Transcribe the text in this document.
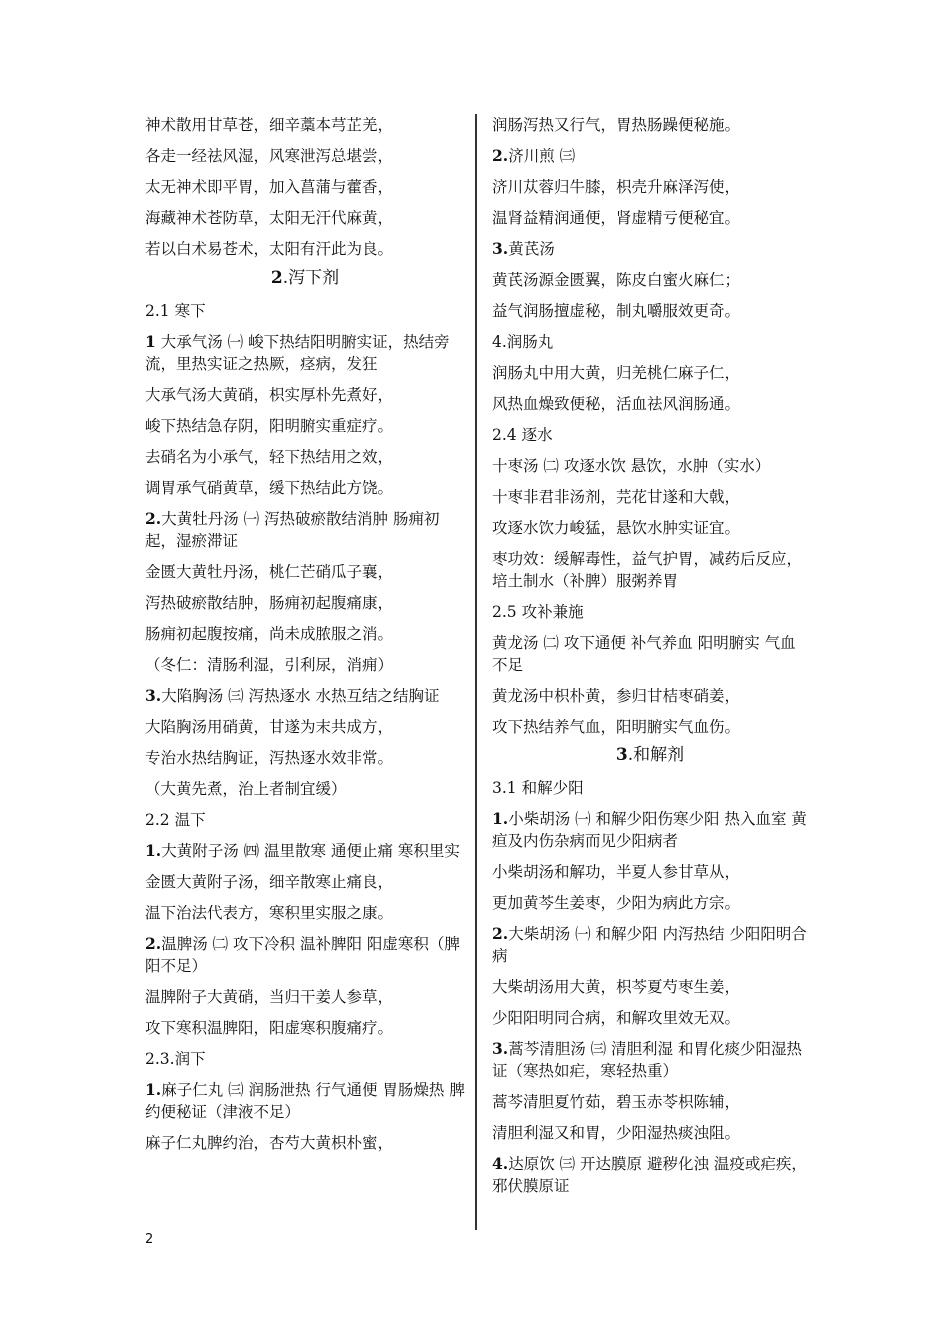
神术散用甘草苍，细辛藁本芎芷羌，

各走一经祛风湿，风寒泄泻总堪尝，

太无神术即平胃，加入菖蒲与藿香，

海藏神术苍防草，太阳无汗代麻黄，

若以白术易苍术，太阳有汗此为良。

2.泻下剂

2.1 寒下

1 大承气汤 ㈠ 峻下热结阳明腑实证，热结旁流，里热实证之热厥，痉病，发狂

大承气汤大黄硝，枳实厚朴先煮好，

峻下热结急存阴，阳明腑实重症疗。

去硝名为小承气，轻下热结用之效，

调胃承气硝黄草，缓下热结此方饶。

2.大黄牡丹汤 ㈠ 泻热破瘀散结消肿 肠痈初起，湿瘀滞证

金匮大黄牡丹汤，桃仁芒硝瓜子襄，

泻热破瘀散结肿，肠痈初起腹痛康，

肠痈初起腹按痛，尚未成脓服之消。

（冬仁：清肠利湿，引利尿，消痈）

3.大陷胸汤 ㈢ 泻热逐水 水热互结之结胸证

大陷胸汤用硝黄，甘遂为末共成方，

专治水热结胸证，泻热逐水效非常。

（大黄先煮，治上者制宜缓）

2.2 温下

1.大黄附子汤 ㈣ 温里散寒 通便止痛 寒积里实

金匮大黄附子汤，细辛散寒止痛良，

温下治法代表方，寒积里实服之康。

2.温脾汤 ㈡ 攻下冷积 温补脾阳 阳虚寒积（脾阳不足）

温脾附子大黄硝，当归干姜人参草，

攻下寒积温脾阳，阳虚寒积腹痛疗。

2.3.润下

1.麻子仁丸 ㈢ 润肠泄热 行气通便 胃肠燥热 脾约便秘证（津液不足）

麻子仁丸脾约治，杏芍大黄枳朴蜜，

润肠泻热又行气，胃热肠躁便秘施。

2.济川煎 ㈢

济川苁蓉归牛膝，枳壳升麻泽泻使，

温肾益精润通便，肾虚精亏便秘宜。

3.黄芪汤

黄芪汤源金匮翼，陈皮白蜜火麻仁；

益气润肠擅虚秘，制丸嚼服效更奇。

4.润肠丸

润肠丸中用大黄，归羌桃仁麻子仁，

风热血燥致便秘，活血祛风润肠通。

2.4 逐水

十枣汤 ㈡ 攻逐水饮 悬饮，水肿（实水）

十枣非君非汤剂，芫花甘遂和大戟，

攻逐水饮力峻猛，悬饮水肿实证宜。

枣功效：缓解毒性，益气护胃，减药后反应，培土制水（补脾）服粥养胃

2.5 攻补兼施

黄龙汤 ㈡ 攻下通便 补气养血 阳明腑实 气血不足

黄龙汤中枳朴黄，参归甘桔枣硝姜，

攻下热结养气血，阳明腑实气血伤。

3.和解剂

3.1 和解少阳

1.小柴胡汤 ㈠ 和解少阳伤寒少阳 热入血室 黄疸及内伤杂病而见少阳病者

小柴胡汤和解功，半夏人参甘草从，

更加黄芩生姜枣，少阳为病此方宗。

2.大柴胡汤 ㈠ 和解少阳 内泻热结 少阳阳明合病

大柴胡汤用大黄，枳芩夏芍枣生姜，

少阳阳明同合病，和解攻里效无双。

3.蒿芩清胆汤 ㈢ 清胆利湿 和胃化痰少阳湿热证（寒热如疟，寒轻热重）

蒿芩清胆夏竹茹，碧玉赤苓枳陈辅，

清胆利湿又和胃，少阳湿热痰浊阻。

4.达原饮 ㈢ 开达膜原 避秽化浊 温疫或疟疾，邪伏膜原证

2
